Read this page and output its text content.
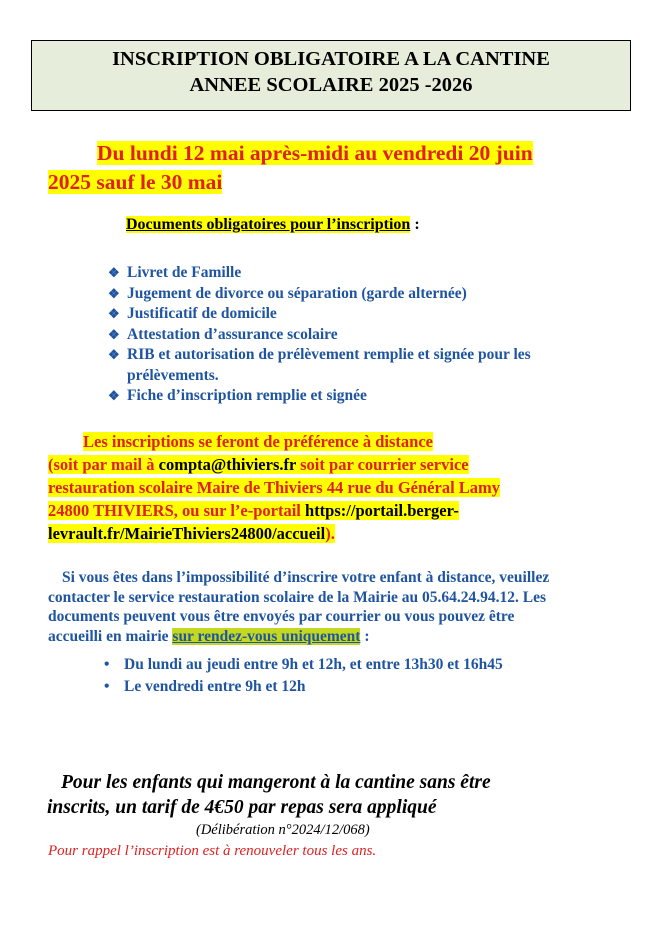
INSCRIPTION OBLIGATOIRE A LA CANTINE
ANNEE SCOLAIRE 2025 -2026
Du lundi 12 mai après-midi au vendredi 20 juin
2025 sauf le 30 mai
Documents obligatoires pour l’inscription :
❖ Livret de Famille
❖ Jugement de divorce ou séparation (garde alternée)
❖ Justificatif de domicile
❖ Attestation d’assurance scolaire
❖ RIB et autorisation de prélèvement remplie et signée pour les prélèvements.
❖ Fiche d’inscription remplie et signée
Les inscriptions se feront de préférence à distance
(soit par mail à compta@thiviers.fr soit par courrier service
restauration scolaire Maire de Thiviers 44 rue du Général Lamy
24800 THIVIERS, ou sur l’e-portail https://portail.berger-
levrault.fr/MairieThiviers24800/accueil).
Si vous êtes dans l’impossibilité d’inscrire votre enfant à distance, veuillez
contacter le service restauration scolaire de la Mairie au 05.64.24.94.12. Les
documents peuvent vous être envoyés par courrier ou vous pouvez être
accueilli en mairie sur rendez-vous uniquement :
• Du lundi au jeudi entre 9h et 12h, et entre 13h30 et 16h45
• Le vendredi entre 9h et 12h
Pour les enfants qui mangeront à la cantine sans être
inscrits, un tarif de 4€50 par repas sera appliqué
(Délibération n°2024/12/068)
Pour rappel l’inscription est à renouveler tous les ans.
